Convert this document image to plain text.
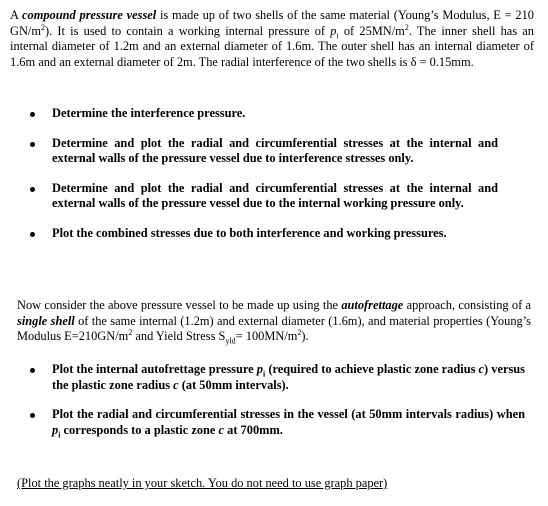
A compound pressure vessel is made up of two shells of the same material (Young’s Modulus, E = 210 $GN/m^2$). It is used to contain a working internal pressure of $p_i$ of $25MN/m^2$. The inner shell has an internal diameter of 1.2m and an external diameter of 1.6m. The outer shell has an internal diameter of 1.6m and an external diameter of 2m. The radial interference of the two shells is δ = 0.15mm.
Determine the interference pressure.
Determine and plot the radial and circumferential stresses at the internal and external walls of the pressure vessel due to interference stresses only.
Determine and plot the radial and circumferential stresses at the internal and external walls of the pressure vessel due to the internal working pressure only.
Plot the combined stresses due to both interference and working pressures.
Now consider the above pressure vessel to be made up using the autofrettage approach, consisting of a single shell of the same internal (1.2m) and external diameter (1.6m), and material properties (Young’s Modulus $E=210GN/m^2$ and Yield Stress $S_{yld}= 100MN/m^2$).
Plot the internal autofrettage pressure $p_i$ (required to achieve plastic zone radius c) versus the plastic zone radius c (at 50mm intervals).
Plot the radial and circumferential stresses in the vessel (at 50mm intervals radius) when $p_i$ corresponds to a plastic zone c at 700mm.
(Plot the graphs neatly in your sketch. You do not need to use graph paper)
